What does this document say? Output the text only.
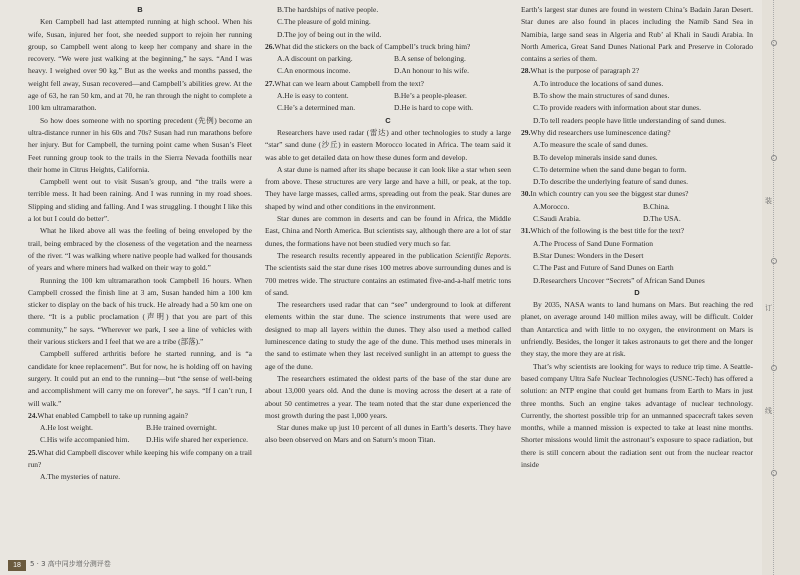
B

Ken Campbell had last attempted running at high school. When his wife, Susan, injured her foot, she needed support to rejoin her running group, so Campbell went along to keep her company and share in the recovery. “We were just walking at the beginning,” he says. “And I was heavy. I weighed over 90 kg.” But as the weeks and months passed, the weight fell away, Susan recovered—and Campbell’s abilities grew. At the age of 63, he ran 50 km, and at 70, he ran through the night to complete a 100 km ultramarathon.

So how does someone with no sporting precedent (先例) become an ultra-distance runner in his 60s and 70s? Susan had run marathons before her injury. But for Campbell, the turning point came when Susan’s Fleet Feet running group took to the trails in the Sierra Nevada foothills near their home in Citrus Heights, California.

Campbell went out to visit Susan’s group, and “the trails were a terrible mess. It had been raining. And I was running in my road shoes. Slipping and sliding and falling. And I was struggling. I thought I like this a lot but I could do better”.

What he liked above all was the feeling of being enveloped by the trail, being embraced by the closeness of the vegetation and the nearness of the river. “I was walking where native people had walked for thousands of years and where miners had walked on their way to gold.”

Running the 100 km ultramarathon took Campbell 16 hours. When Campbell crossed the finish line at 3 am, Susan handed him a 100 km sticker to display on the back of his truck. He already had a 50 km one on there. “It is a public proclamation (声明) that you are part of this community,” he says. “Wherever we park, I see a line of vehicles with their various stickers and I feel that we are a tribe (部落).”

Campbell suffered arthritis before he started running, and is “a candidate for knee replacement”. But for now, he is holding off on having surgery. It could put an end to the running—but “the sense of well-being and accomplishment will carry me on forever”, he says. “If I can’t run, I will walk.”

24.What enabled Campbell to take up running again?

A.He lost weight.	B.He trained overnight.

C.His wife accompanied him.	D.His wife shared her experience.

25.What did Campbell discover while keeping his wife company on a trail run?

A.The mysteries of nature.

B.The hardships of native people.

C.The pleasure of gold mining.

D.The joy of being out in the wild.

26.What did the stickers on the back of Campbell’s truck bring him?

A.A discount on parking.	B.A sense of belonging.

C.An enormous income.	D.An honour to his wife.

27.What can we learn about Campbell from the text?

A.He is easy to content.	B.He’s a people-pleaser.

C.He’s a determined man.	D.He is hard to cope with.

C

Researchers have used radar (雷达) and other technologies to study a large “star” sand dune (沙丘) in eastern Morocco located in Africa. The team said it was able to get detailed data on how these dunes form and develop.

A star dune is named after its shape because it can look like a star when seen from above. These structures are very large and have a hill, or peak, at the top. They have large masses, called arms, spreading out from the peak. Star dunes are shaped by wind and other conditions in the environment.

Star dunes are common in deserts and can be found in Africa, the Middle East, China and North America. But scientists say, although there are a lot of star dunes, the formations have not been studied very much so far.

The research results recently appeared in the publication Scientific Reports. The scientists said the star dune rises 100 metres above surrounding dunes and is 700 metres wide. The structure contains an estimated five-and-a-half metric tons of sand.

The researchers used radar that can “see” underground to look at different elements within the star dune. The science instruments that were used are designed to map all layers within the dunes. They also used a method called luminescence dating to study the age of the dune. This method uses minerals in the sand to estimate when they last received sunlight in an attempt to guess the age of the dune.

The researchers estimated the oldest parts of the base of the star dune are about 13,000 years old. And the dune is moving across the desert at a rate of about 50 centimetres a year. The team noted that the star dune experienced the most growth during the past 1,000 years.

Star dunes make up just 10 percent of all dunes in Earth’s deserts. They have also been observed on Mars and on Saturn’s moon Titan.

Earth’s largest star dunes are found in western China’s Badain Jaran Desert. Star dunes are also found in places including the Namib Sand Sea in Namibia, large sand seas in Algeria and Rub’ al Khali in Saudi Arabia. In North America, Great Sand Dunes National Park and Preserve in Colorado contains a series of them.

28.What is the purpose of paragraph 2?

A.To introduce the locations of sand dunes.

B.To show the main structures of sand dunes.

C.To provide readers with information about star dunes.

D.To tell readers people have little understanding of sand dunes.

29.Why did researchers use luminescence dating?

A.To measure the scale of sand dunes.

B.To develop minerals inside sand dunes.

C.To determine when the sand dune began to form.

D.To describe the underlying feature of sand dunes.

30.In which country can you see the biggest star dunes?

A.Morocco.	B.China.

C.Saudi Arabia.	D.The USA.

31.Which of the following is the best title for the text?

A.The Process of Sand Dune Formation

B.Star Dunes: Wonders in the Desert

C.The Past and Future of Sand Dunes on Earth

D.Researchers Uncover “Secrets” of African Sand Dunes

D

By 2035, NASA wants to land humans on Mars. But reaching the red planet, on average around 140 million miles away, will be difficult. Colder than Antarctica and with little to no oxygen, the environment on Mars is unfriendly. Besides, the longer it takes astronauts to get there and the longer they stay, the more they are at risk.

That’s why scientists are looking for ways to reduce trip time. A Seattle-based company Ultra Safe Nuclear Technologies (USNC-Tech) has offered a solution: an NTP engine that could get humans from Earth to Mars in just three months. Such an engine takes advantage of nuclear technology. Currently, the shortest possible trip for an unmanned spacecraft takes seven months, while a manned mission is expected to take at least nine months. Shorter missions would limit the astronaut’s exposure to space radiation, but there is still concern about the radiation sent out from the nuclear reactor inside

装
订
线
18	5 · 3 高中同步增分测评卷
